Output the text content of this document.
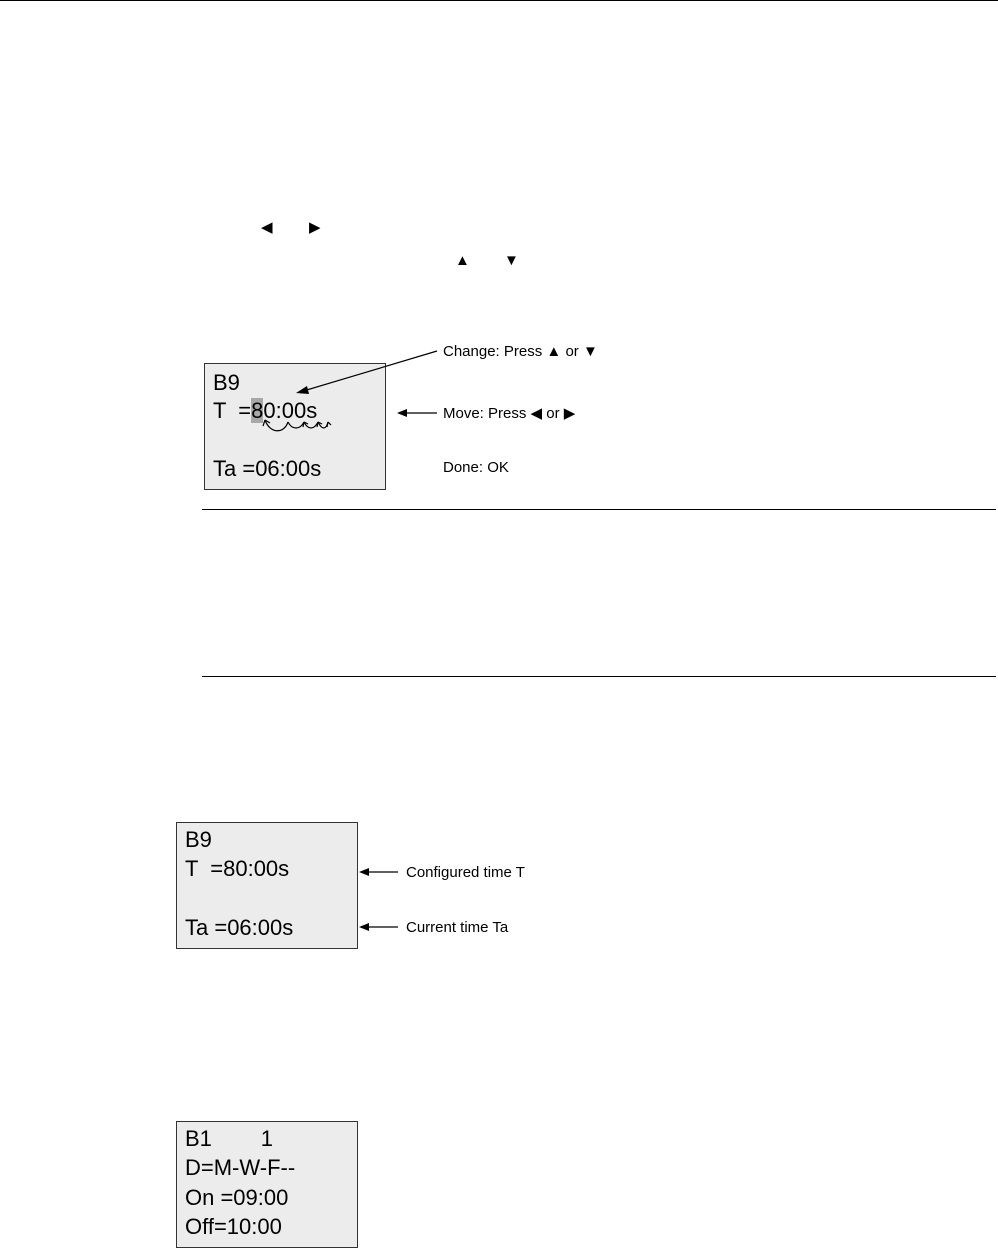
◀ ▶
▲ ▼
B9
T  =80:00s
Ta =06:00s
Change: Press ▲ or ▼
Move: Press ◀ or ▶
Done: OK
B9
T  =80:00s
Ta =06:00s
Configured time T
Current time Ta
B1        1
D=M-W-F--
On =09:00
Off=10:00
